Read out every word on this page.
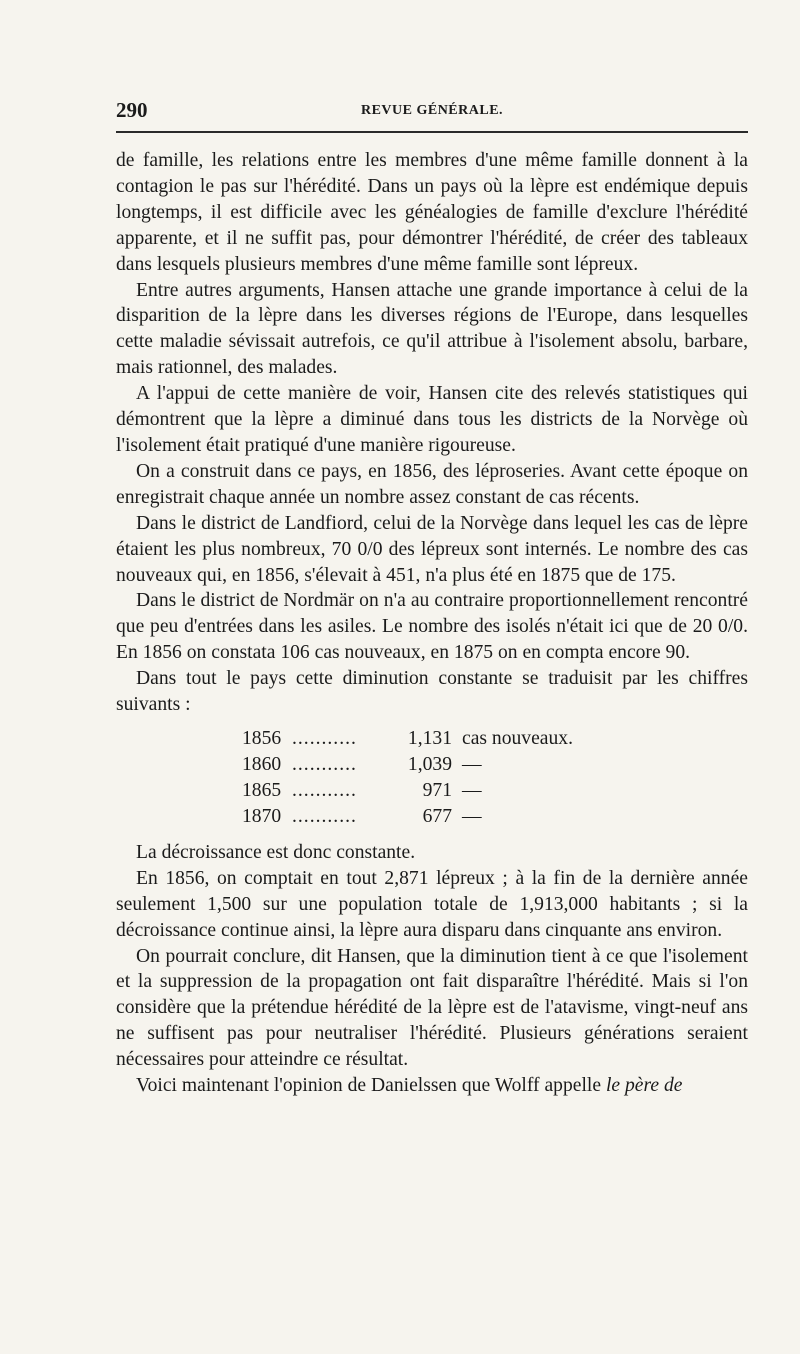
290	REVUE GÉNÉRALE.

de famille, les relations entre les membres d'une même famille donnent à la contagion le pas sur l'hérédité. Dans un pays où la lèpre est endémique depuis longtemps, il est difficile avec les généalogies de famille d'exclure l'hérédité apparente, et il ne suffit pas, pour démontrer l'hérédité, de créer des tableaux dans lesquels plusieurs membres d'une même famille sont lépreux.

Entre autres arguments, Hansen attache une grande importance à celui de la disparition de la lèpre dans les diverses régions de l'Europe, dans lesquelles cette maladie sévissait autrefois, ce qu'il attribue à l'isolement absolu, barbare, mais rationnel, des malades.

A l'appui de cette manière de voir, Hansen cite des relevés statistiques qui démontrent que la lèpre a diminué dans tous les districts de la Norvège où l'isolement était pratiqué d'une manière rigoureuse.

On a construit dans ce pays, en 1856, des léproseries. Avant cette époque on enregistrait chaque année un nombre assez constant de cas récents.

Dans le district de Landfiord, celui de la Norvège dans lequel les cas de lèpre étaient les plus nombreux, 70 0/0 des lépreux sont internés. Le nombre des cas nouveaux qui, en 1856, s'élevait à 451, n'a plus été en 1875 que de 175.

Dans le district de Nordmär on n'a au contraire proportionnellement rencontré que peu d'entrées dans les asiles. Le nombre des isolés n'était ici que de 20 0/0. En 1856 on constata 106 cas nouveaux, en 1875 on en compta encore 90.

Dans tout le pays cette diminution constante se traduisit par les chiffres suivants :

1856 ...........	1,131 cas nouveaux.
1860 ...........	1,039 —
1865 ...........	971 —
1870 ...........	677 —

La décroissance est donc constante.

En 1856, on comptait en tout 2,871 lépreux ; à la fin de la dernière année seulement 1,500 sur une population totale de 1,913,000 habitants ; si la décroissance continue ainsi, la lèpre aura disparu dans cinquante ans environ.

On pourrait conclure, dit Hansen, que la diminution tient à ce que l'isolement et la suppression de la propagation ont fait disparaître l'hérédité. Mais si l'on considère que la prétendue hérédité de la lèpre est de l'atavisme, vingt-neuf ans ne suffisent pas pour neutraliser l'hérédité. Plusieurs générations seraient nécessaires pour atteindre ce résultat.

Voici maintenant l'opinion de Danielssen que Wolff appelle le père de
